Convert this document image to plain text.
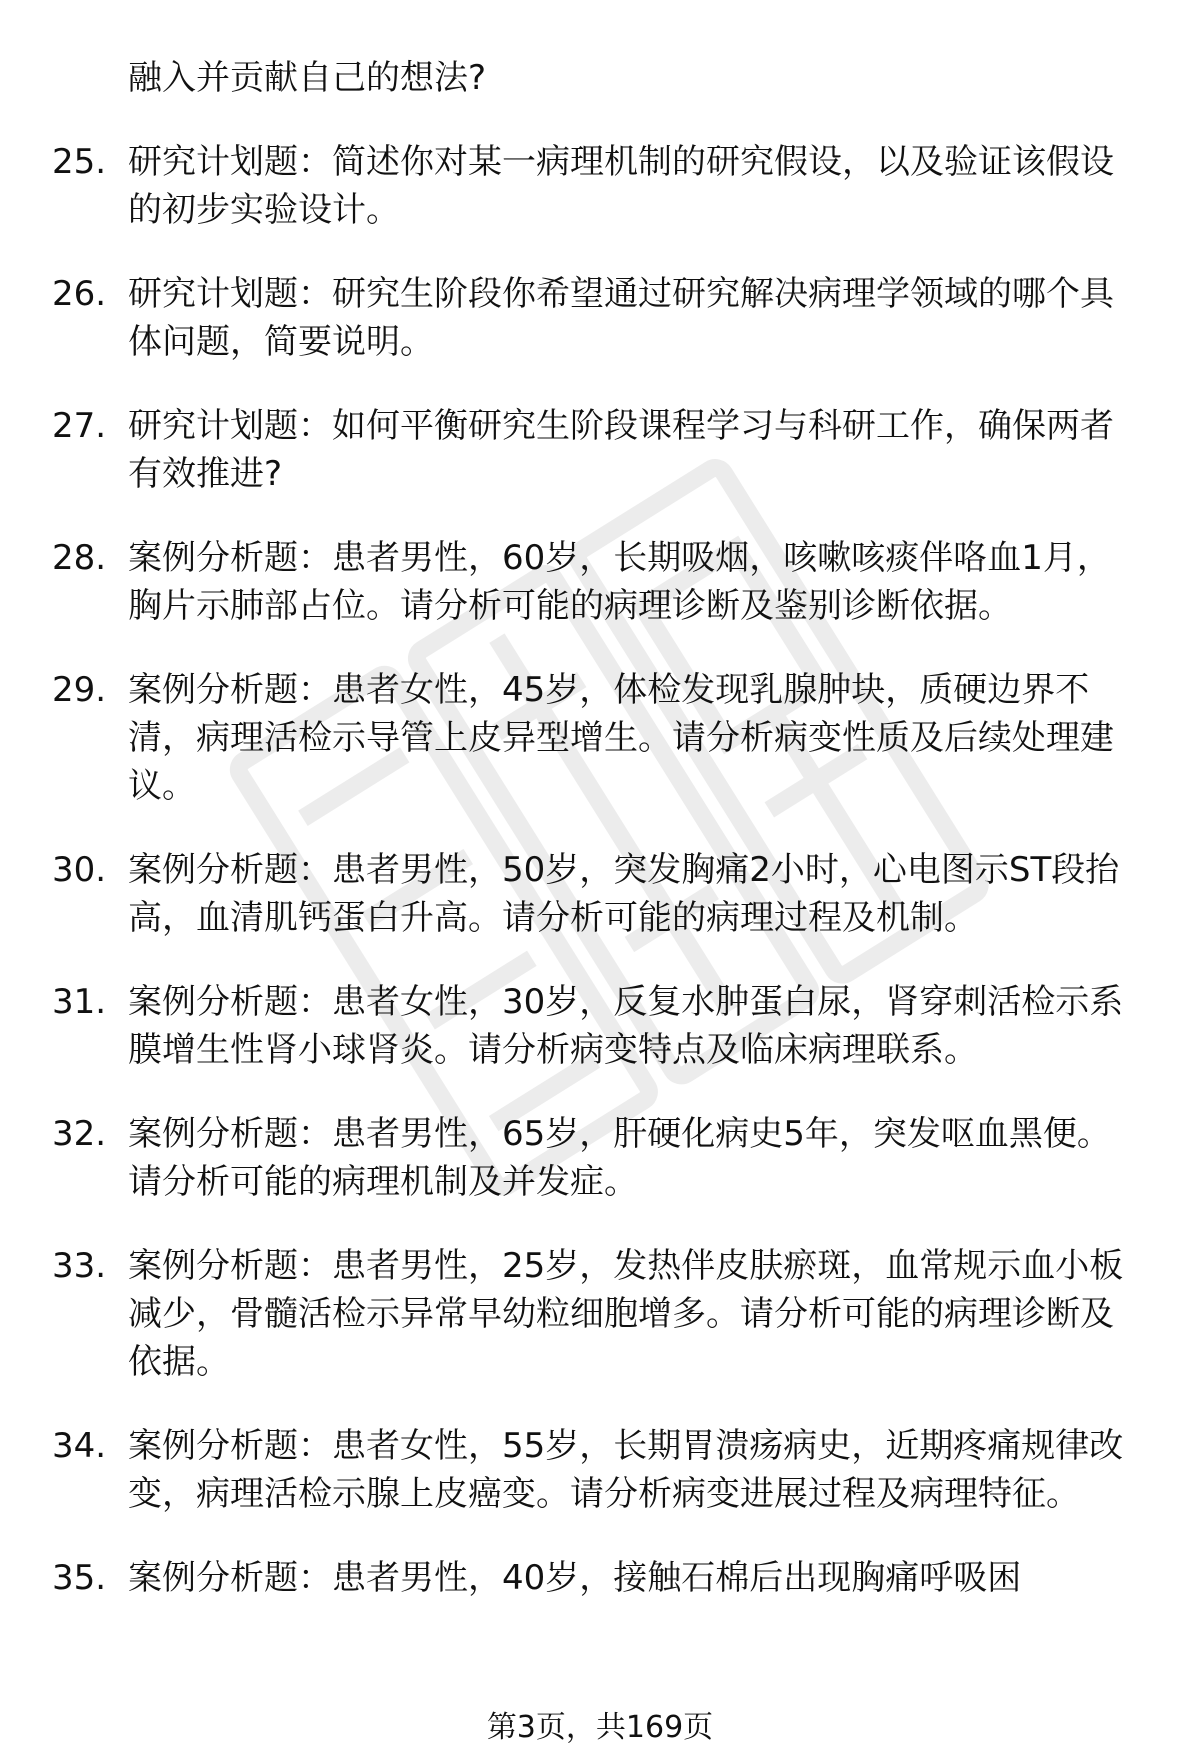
融入并贡献自己的想法?
25. 研究计划题：简述你对某一病理机制的研究假设，以及验证该假设的初步实验设计。
26. 研究计划题：研究生阶段你希望通过研究解决病理学领域的哪个具体问题，简要说明。
27. 研究计划题：如何平衡研究生阶段课程学习与科研工作，确保两者有效推进?
28. 案例分析题：患者男性，60岁，长期吸烟，咳嗽咳痰伴咯血1月，胸片示肺部占位。请分析可能的病理诊断及鉴别诊断依据。
29. 案例分析题：患者女性，45岁，体检发现乳腺肿块，质硬边界不清，病理活检示导管上皮异型增生。请分析病变性质及后续处理建议。
30. 案例分析题：患者男性，50岁，突发胸痛2小时，心电图示ST段抬高，血清肌钙蛋白升高。请分析可能的病理过程及机制。
31. 案例分析题：患者女性，30岁，反复水肿蛋白尿，肾穿刺活检示系膜增生性肾小球肾炎。请分析病变特点及临床病理联系。
32. 案例分析题：患者男性，65岁，肝硬化病史5年，突发呕血黑便。请分析可能的病理机制及并发症。
33. 案例分析题：患者男性，25岁，发热伴皮肤瘀斑，血常规示血小板减少，骨髓活检示异常早幼粒细胞增多。请分析可能的病理诊断及依据。
34. 案例分析题：患者女性，55岁，长期胃溃疡病史，近期疼痛规律改变，病理活检示腺上皮癌变。请分析病变进展过程及病理特征。
35. 案例分析题：患者男性，40岁，接触石棉后出现胸痛呼吸困
第3页，共169页
